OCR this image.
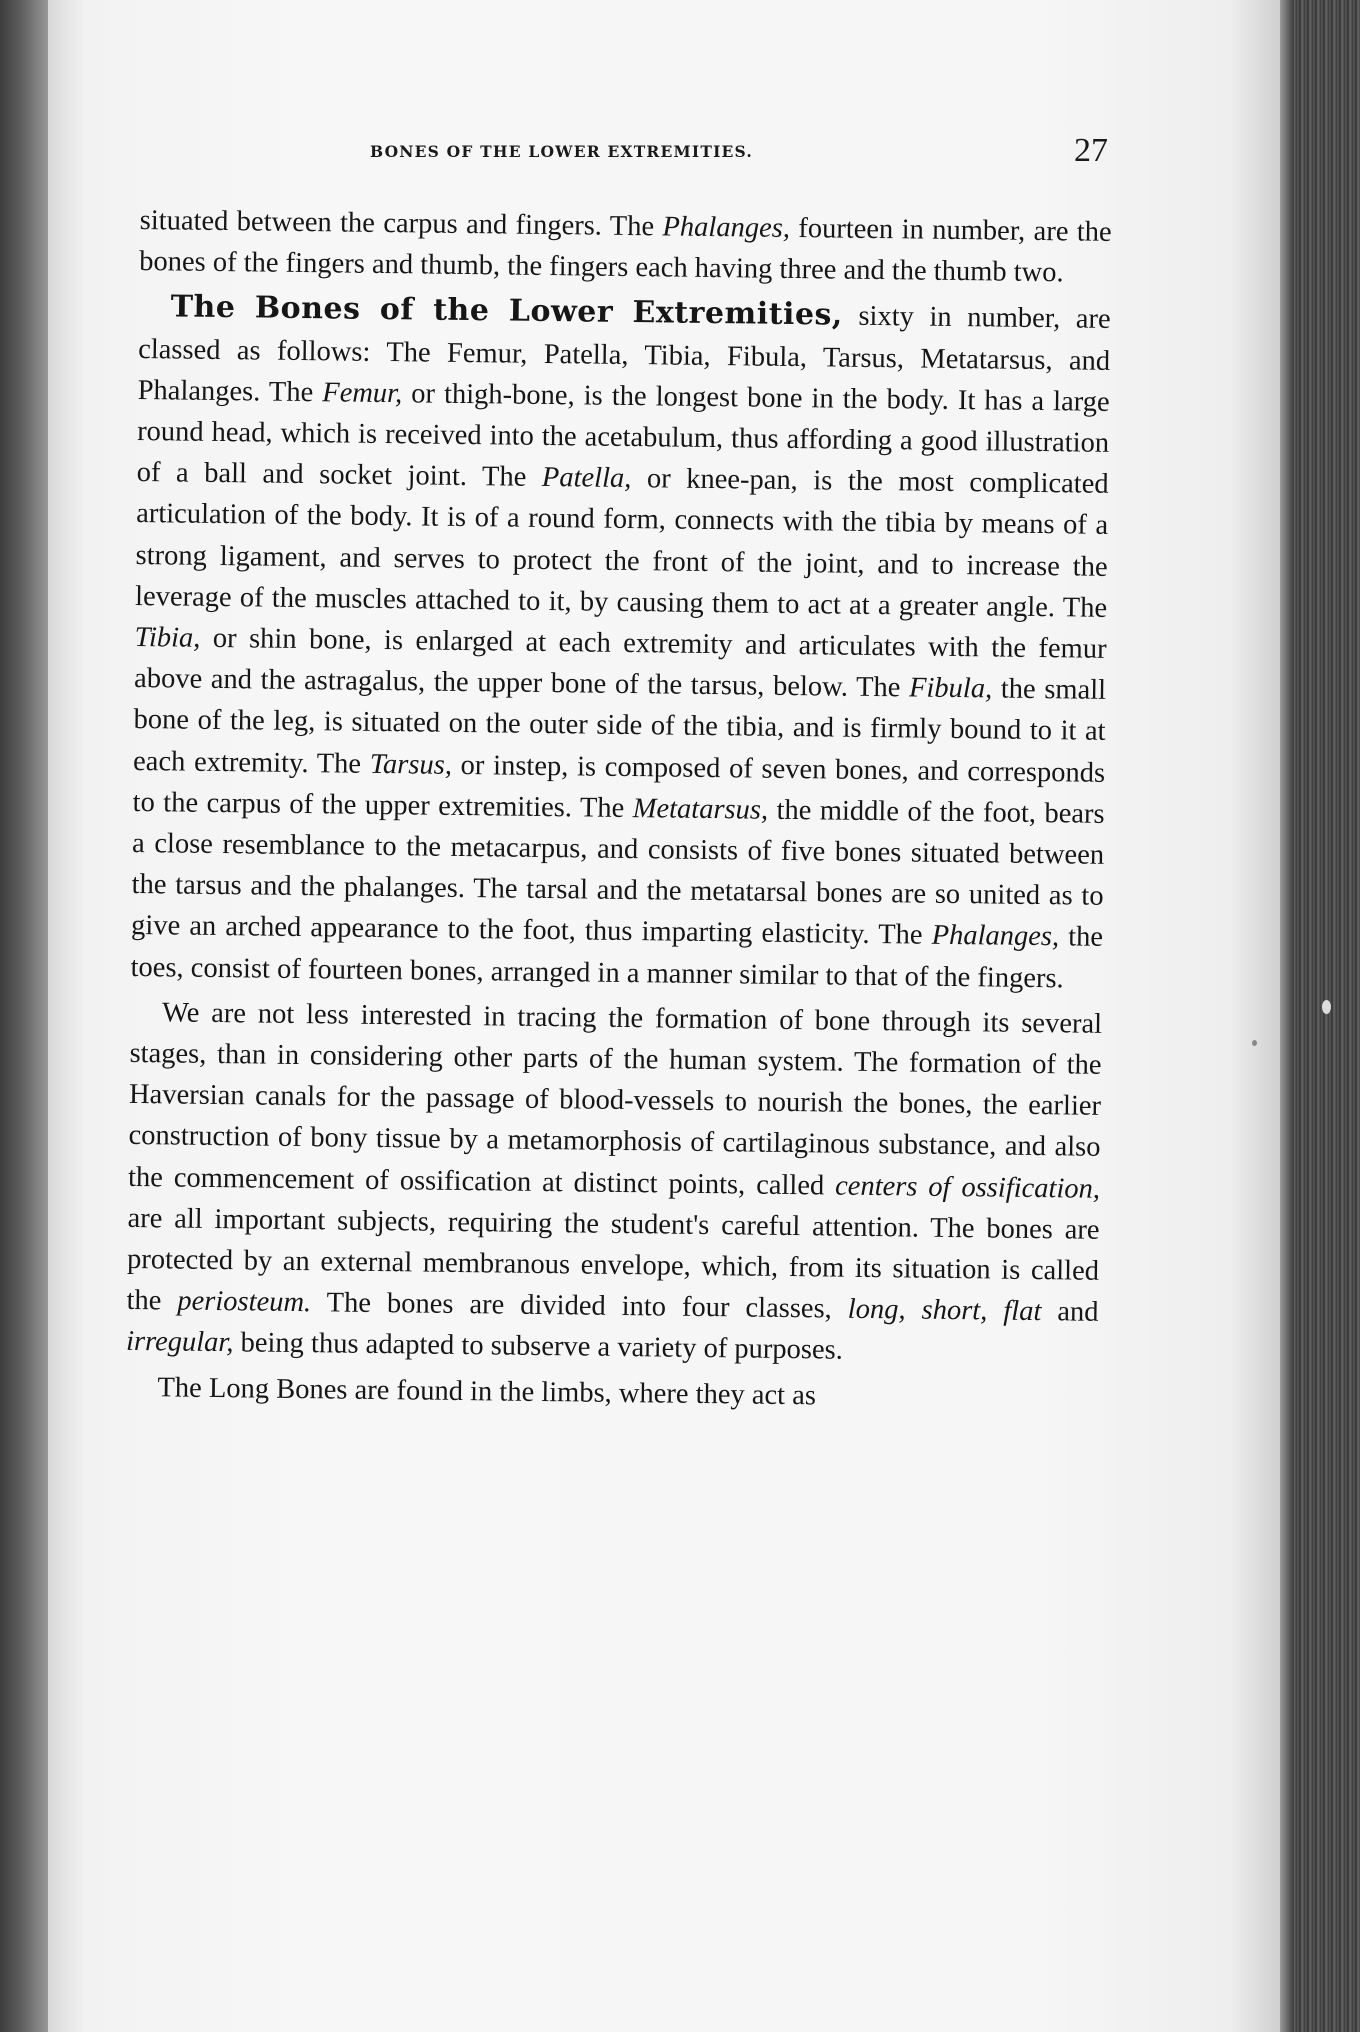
BONES OF THE LOWER EXTREMITIES.	27

situated between the carpus and fingers. The Phalanges, fourteen in number, are the bones of the fingers and thumb, the fingers each having three and the thumb two.

The Bones of the Lower Extremities, sixty in number, are classed as follows: The Femur, Patella, Tibia, Fibula, Tarsus, Metatarsus, and Phalanges. The Femur, or thigh-bone, is the longest bone in the body. It has a large round head, which is received into the acetabulum, thus affording a good illustration of a ball and socket joint. The Patella, or knee-pan, is the most complicated articulation of the body. It is of a round form, connects with the tibia by means of a strong ligament, and serves to protect the front of the joint, and to increase the leverage of the muscles attached to it, by causing them to act at a greater angle. The Tibia, or shin bone, is enlarged at each extremity and articulates with the femur above and the astragalus, the upper bone of the tarsus, below. The Fibula, the small bone of the leg, is situated on the outer side of the tibia, and is firmly bound to it at each extremity. The Tarsus, or instep, is composed of seven bones, and corresponds to the carpus of the upper extremities. The Metatarsus, the middle of the foot, bears a close resemblance to the metacarpus, and consists of five bones situated between the tarsus and the phalanges. The tarsal and the metatarsal bones are so united as to give an arched appearance to the foot, thus imparting elasticity. The Phalanges, the toes, consist of fourteen bones, arranged in a manner similar to that of the fingers.

We are not less interested in tracing the formation of bone through its several stages, than in considering other parts of the human system. The formation of the Haversian canals for the passage of blood-vessels to nourish the bones, the earlier construction of bony tissue by a metamorphosis of cartilaginous substance, and also the commencement of ossification at distinct points, called centers of ossification, are all important subjects, requiring the student's careful attention. The bones are protected by an external membranous envelope, which, from its situation is called the periosteum. The bones are divided into four classes, long, short, flat and irregular, being thus adapted to subserve a variety of purposes.

The Long Bones are found in the limbs, where they act as
